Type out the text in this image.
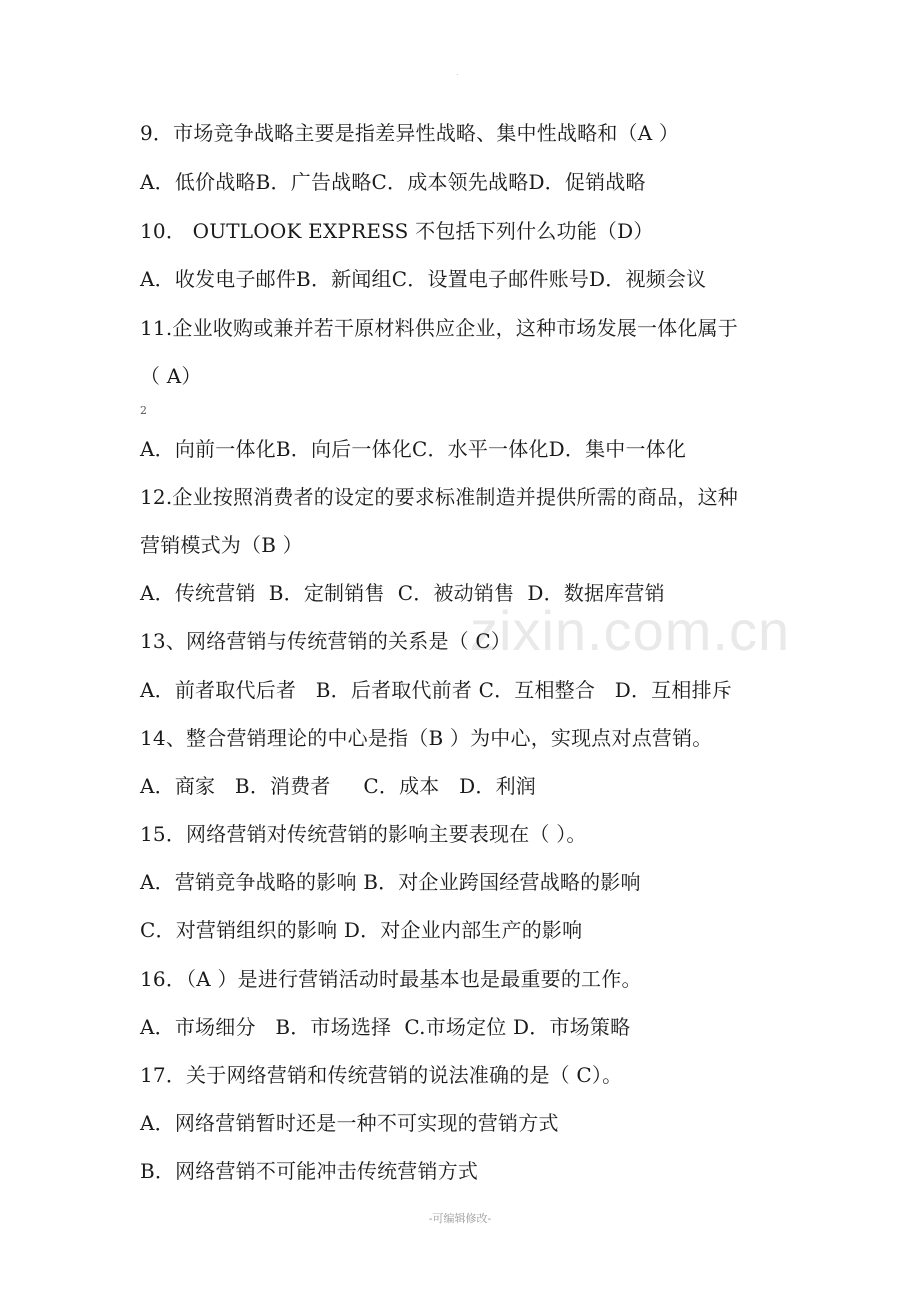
.
zixin.com.cn
9．市场竞争战略主要是指差异性战略、集中性战略和（A ）
A．低价战略B．广告战略C．成本领先战略D．促销战略
10． OUTLOOK EXPRESS 不包括下列什么功能（D）
A．收发电子邮件B．新闻组C．设置电子邮件账号D．视频会议
11.企业收购或兼并若干原材料供应企业，这种市场发展一体化属于
（ A）
2
A．向前一体化B．向后一体化C．水平一体化D．集中一体化
12.企业按照消费者的设定的要求标准制造并提供所需的商品，这种
营销模式为（B ）
A．传统营销  B．定制销售  C．被动销售  D．数据库营销
13、网络营销与传统营销的关系是（ C）
A．前者取代后者   B．后者取代前者 C．互相整合   D．互相排斥
14、整合营销理论的中心是指（B ）为中心，实现点对点营销。
A．商家   B．消费者     C．成本   D．利润
15．网络营销对传统营销的影响主要表现在（ ）。
A．营销竞争战略的影响 B．对企业跨国经营战略的影响
C．对营销组织的影响 D．对企业内部生产的影响
16．（A ）是进行营销活动时最基本也是最重要的工作。
A．市场细分   B．市场选择  C.市场定位 D．市场策略
17．关于网络营销和传统营销的说法准确的是（ C）。
A．网络营销暂时还是一种不可实现的营销方式
B．网络营销不可能冲击传统营销方式
-可编辑修改-
